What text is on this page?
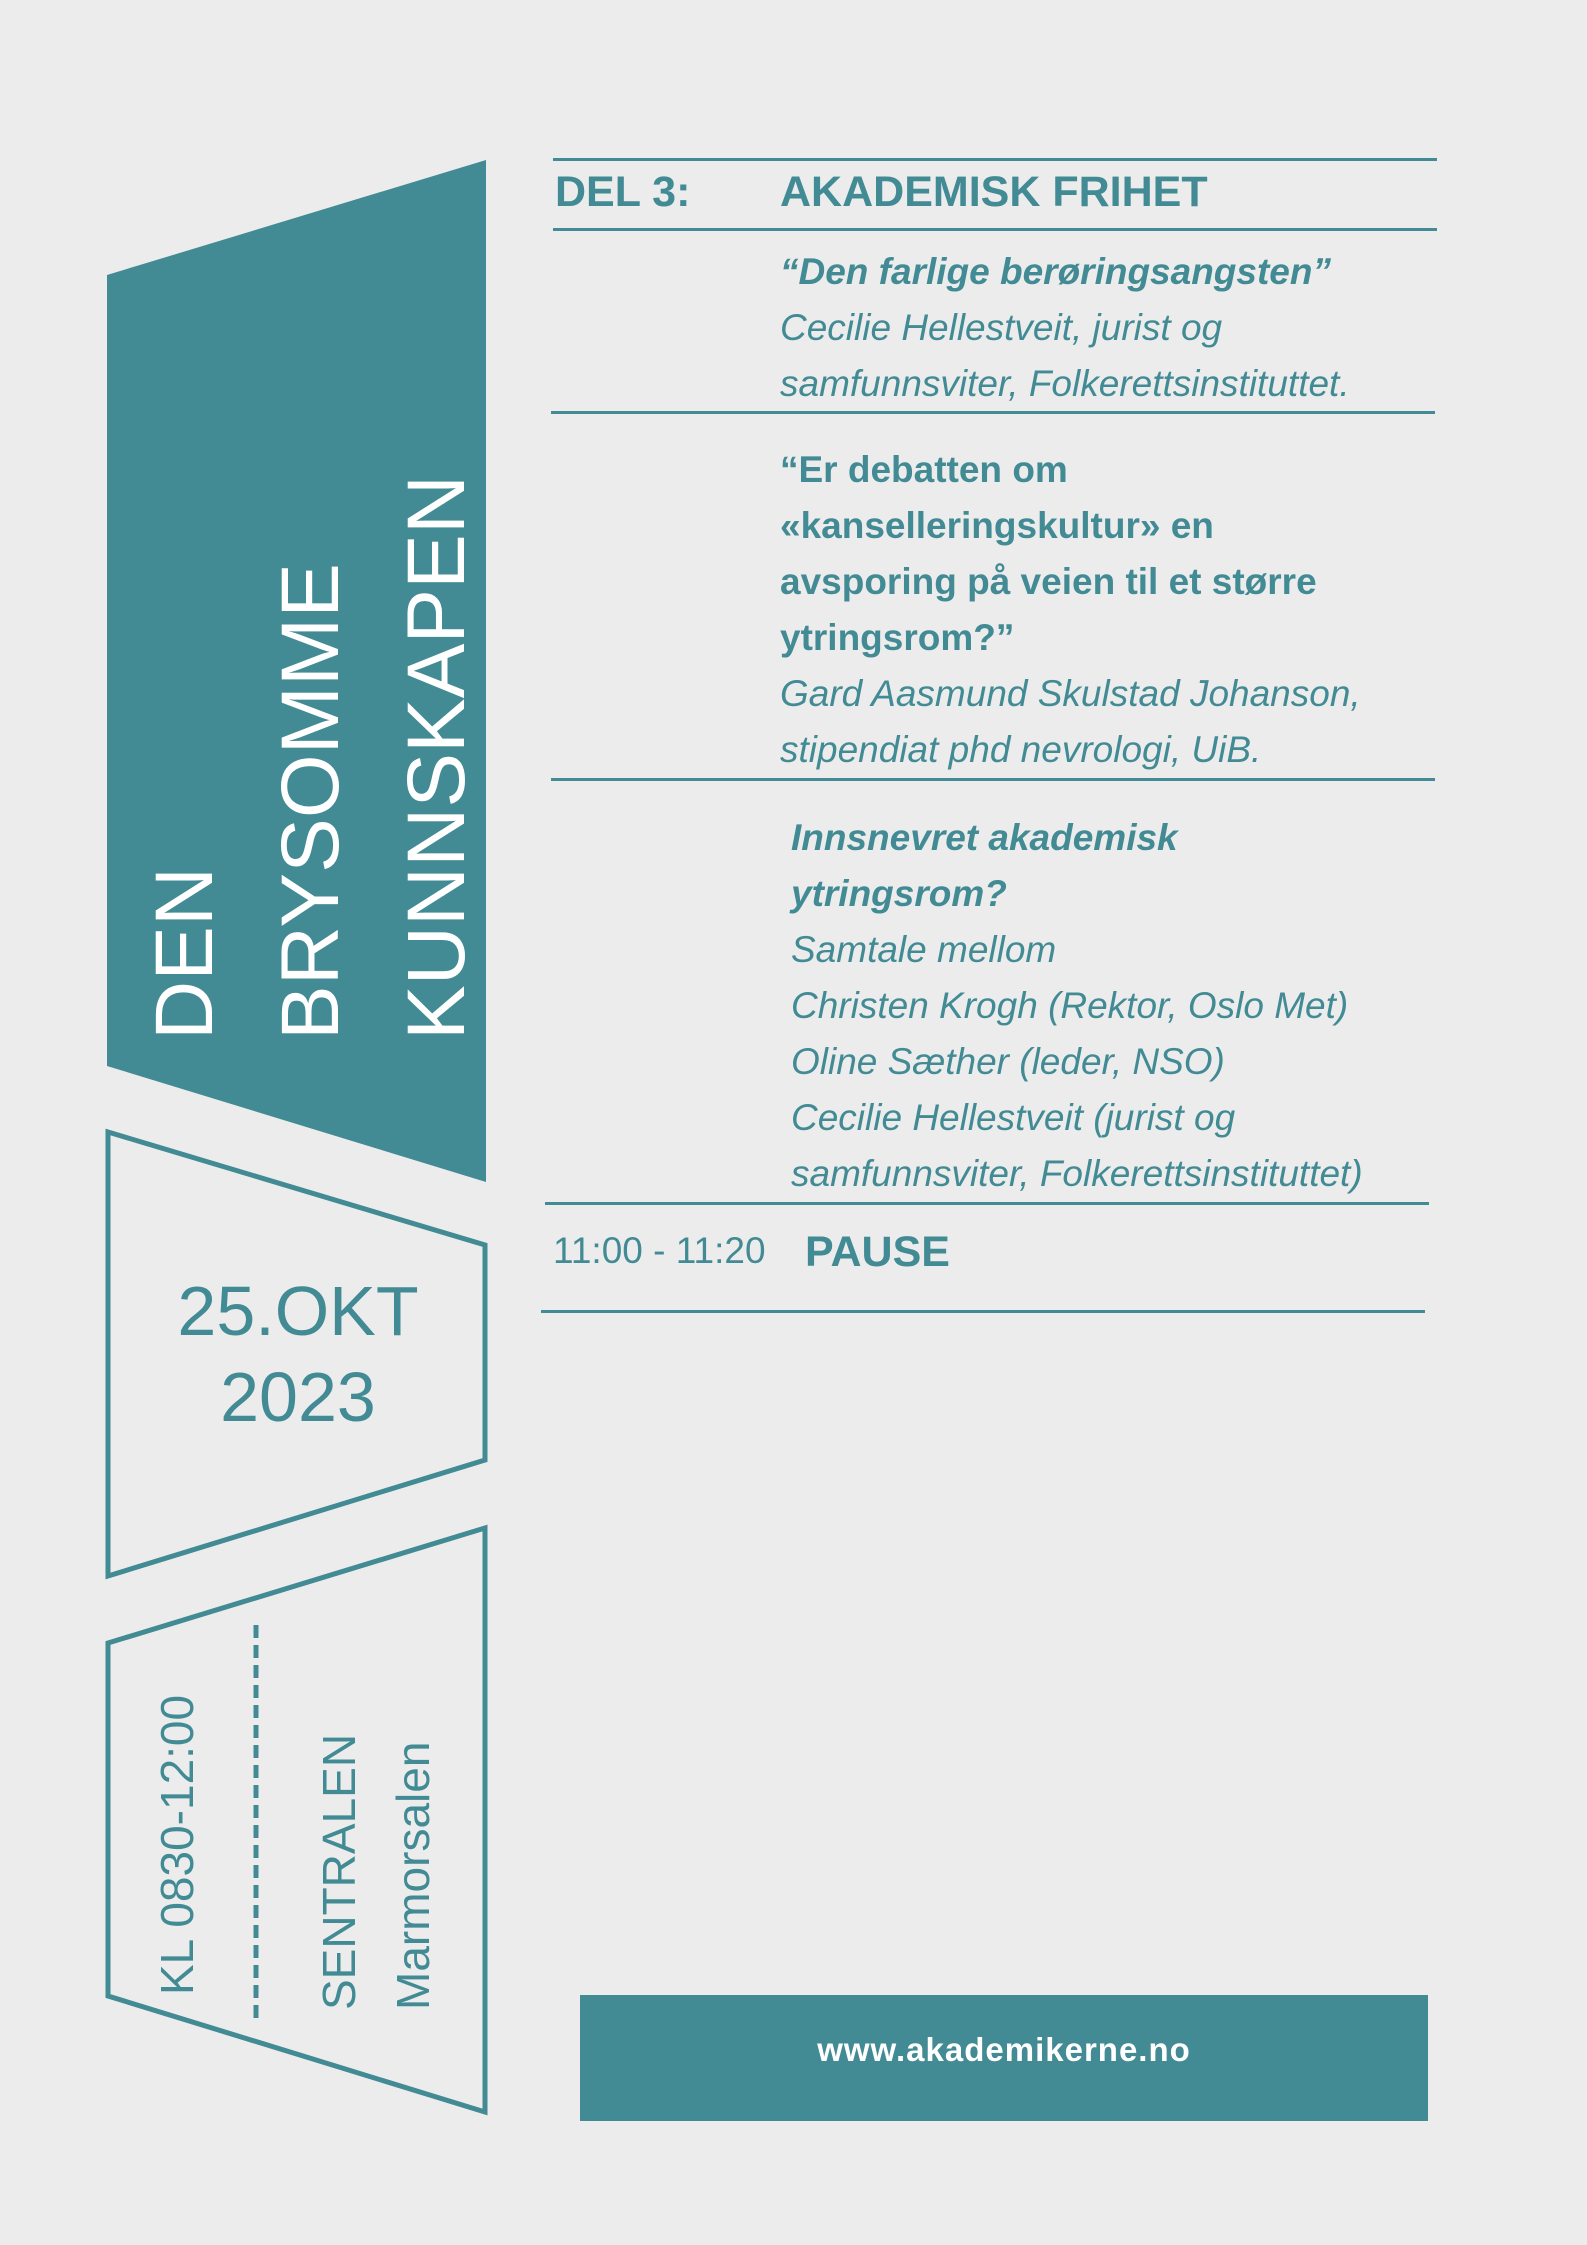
DEN BRYSOMME KUNNSKAPEN
25.OKT
2023
KL 0830-12:00 SENTRALEN Marmorsalen
DEL 3: AKADEMISK FRIHET
“Den farlige berøringsangsten”
Cecilie Hellestveit, jurist og
samfunnsviter, Folkerettsinstituttet.
“Er debatten om
«kanselleringskultur» en
avsporing på veien til et større
ytringsrom?”
Gard Aasmund Skulstad Johanson,
stipendiat phd nevrologi, UiB.
Innsnevret akademisk
ytringsrom?
Samtale mellom
Christen Krogh (Rektor, Oslo Met)
Oline Sæther (leder, NSO)
Cecilie Hellestveit (jurist og
samfunnsviter, Folkerettsinstituttet)
11:00 - 11:20 PAUSE
www.akademikerne.no
